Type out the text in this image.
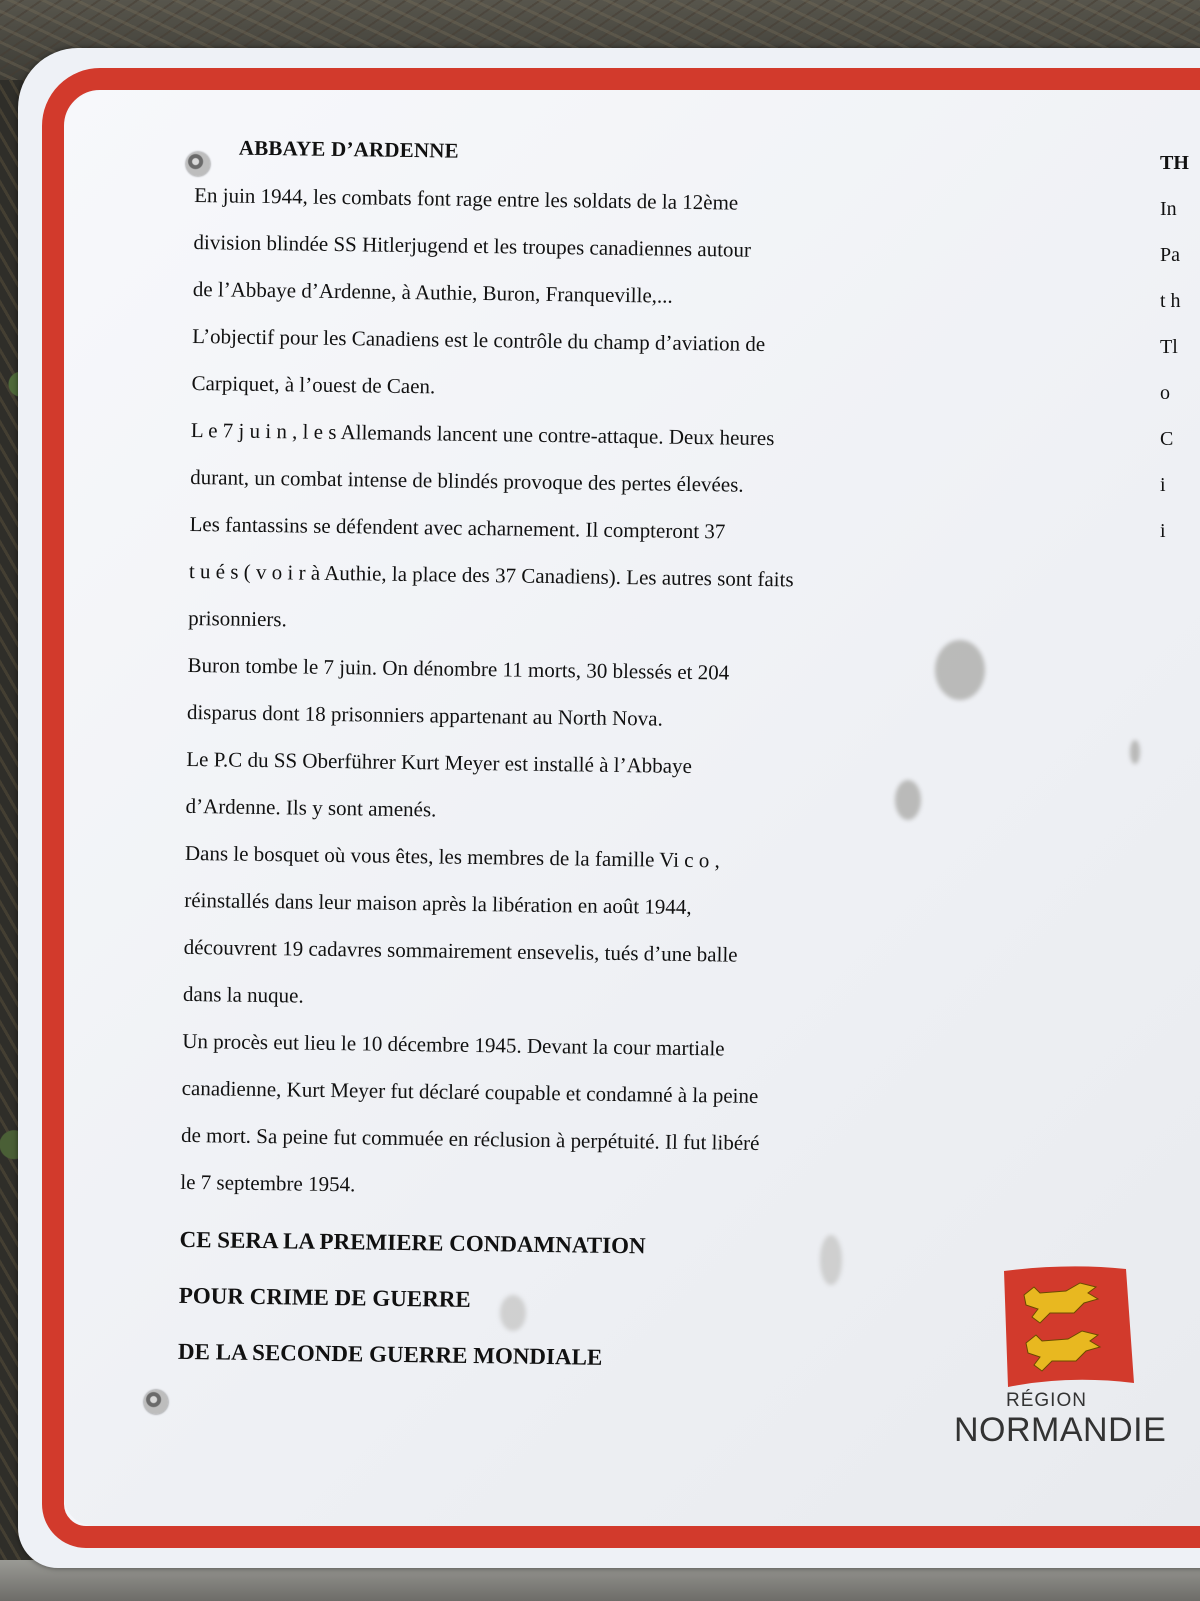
ABBAYE D’ARDENNE
En juin 1944, les combats font rage entre les soldats de la 12ème
division blindée SS Hitlerjugend et les troupes canadiennes autour
de l’Abbaye d’Ardenne, à Authie, Buron, Franqueville,...
L’objectif pour les Canadiens est le contrôle du champ d’aviation de
Carpiquet, à l’ouest de Caen.
L e 7 j u i n , l e s Allemands lancent une contre-attaque. Deux heures
durant, un combat intense de blindés provoque des pertes élevées.
Les fantassins se défendent avec acharnement. Il compteront 37
t u é s ( v o i r à Authie, la place des 37 Canadiens). Les autres sont faits
prisonniers.
Buron tombe le 7 juin. On dénombre 11 morts, 30 blessés et 204
disparus dont 18 prisonniers appartenant au North Nova.
Le P.C du SS Oberführer Kurt Meyer est installé à l’Abbaye
d’Ardenne. Ils y sont amenés.
Dans le bosquet où vous êtes, les membres de la famille Vi c o ,
réinstallés dans leur maison après la libération en août 1944,
découvrent 19 cadavres sommairement ensevelis, tués d’une balle
dans la nuque.
Un procès eut lieu le 10 décembre 1945. Devant la cour martiale
canadienne, Kurt Meyer fut déclaré coupable et condamné à la peine
de mort. Sa peine fut commuée en réclusion à perpétuité. Il fut libéré
le 7 septembre 1954.
CE SERA LA PREMIERE CONDAMNATION
POUR CRIME DE GUERRE
DE LA SECONDE GUERRE MONDIALE
TH
In
Pa
t h
Tl
o
C
i
i
RÉGION
NORMANDIE
